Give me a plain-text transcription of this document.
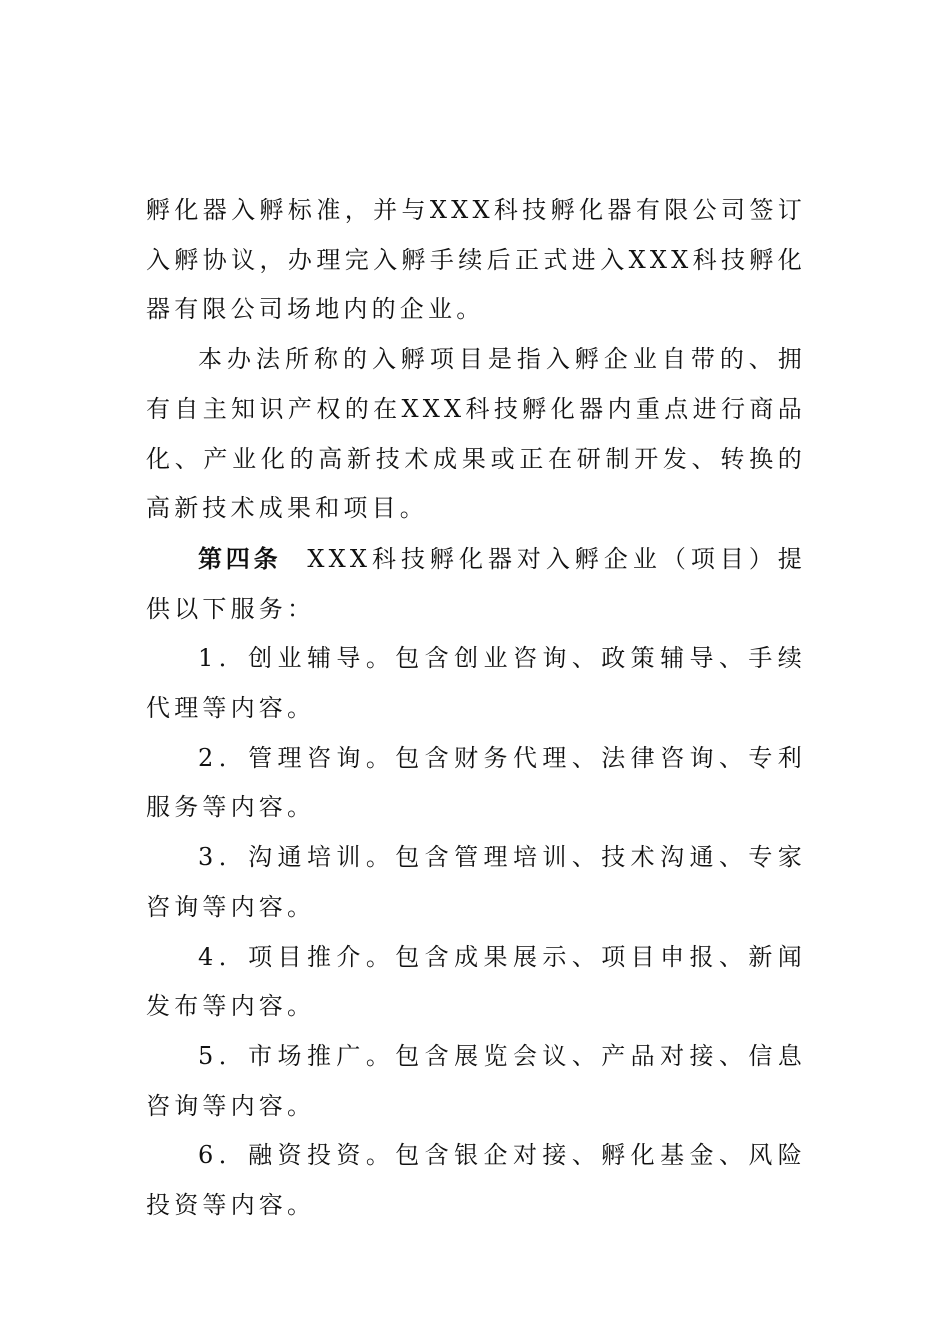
孵化器入孵标准，并与XXX科技孵化器有限公司签订入孵协议，办理完入孵手续后正式进入XXX科技孵化器有限公司场地内的企业。

本办法所称的入孵项目是指入孵企业自带的、拥有自主知识产权的在XXX科技孵化器内重点进行商品化、产业化的高新技术成果或正在研制开发、转换的高新技术成果和项目。

第四条 XXX科技孵化器对入孵企业（项目）提供以下服务：

1．创业辅导。包含创业咨询、政策辅导、手续代理等内容。

2．管理咨询。包含财务代理、法律咨询、专利服务等内容。

3．沟通培训。包含管理培训、技术沟通、专家咨询等内容。

4．项目推介。包含成果展示、项目申报、新闻发布等内容。

5．市场推广。包含展览会议、产品对接、信息咨询等内容。

6．融资投资。包含银企对接、孵化基金、风险投资等内容。
